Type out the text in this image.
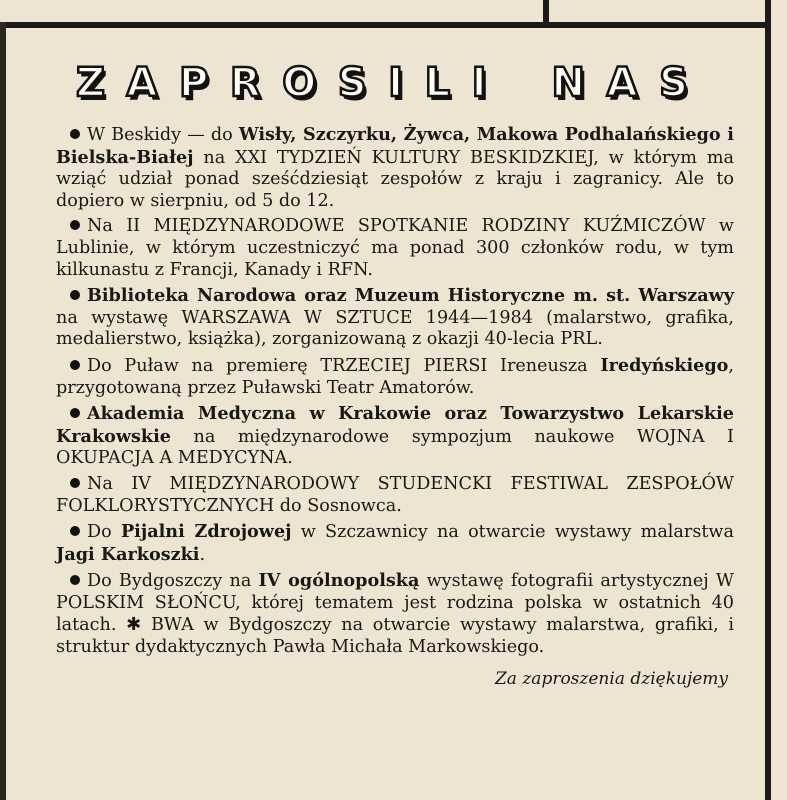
Z A P R O S I L I N A S

W Beskidy — do Wisły, Szczyrku, Żywca, Makowa Podhalańskiego i Bielska-Białej na XXI TYDZIEŃ KULTURY BESKIDZKIEJ, w którym ma wziąć udział ponad sześćdziesiąt zespołów z kraju i zagranicy. Ale to dopiero w sierpniu, od 5 do 12.

Na II MIĘDZYNARODOWE SPOTKANIE RODZINY KUŹMICZÓW w Lublinie, w którym uczestniczyć ma ponad 300 członków rodu, w tym kilkunastu z Francji, Kanady i RFN.

Biblioteka Narodowa oraz Muzeum Historyczne m. st. Warszawy na wystawę WARSZAWA W SZTUCE 1944—1984 (malarstwo, grafika, medalierstwo, książka), zorganizowaną z okazji 40-lecia PRL.

Do Puław na premierę TRZECIEJ PIERSI Ireneusza Iredyńskiego, przygotowaną przez Puławski Teatr Amatorów.

Akademia Medyczna w Krakowie oraz Towarzystwo Lekarskie Krakowskie na międzynarodowe sympozjum naukowe WOJNA I OKUPACJA A MEDYCYNA.

Na IV MIĘDZYNARODOWY STUDENCKI FESTIWAL ZESPOŁÓW FOLKLORYSTYCZNYCH do Sosnowca.

Do Pijalni Zdrojowej w Szczawnicy na otwarcie wystawy malarstwa Jagi Karkoszki.

Do Bydgoszczy na IV ogólnopolską wystawę fotografii artystycznej W POLSKIM SŁOŃCU, której tematem jest rodzina polska w ostatnich 40 latach. ✱ BWA w Bydgoszczy na otwarcie wystawy malarstwa, grafiki, i struktur dydaktycznych Pawła Michała Markowskiego.

Za zaproszenia dziękujemy
